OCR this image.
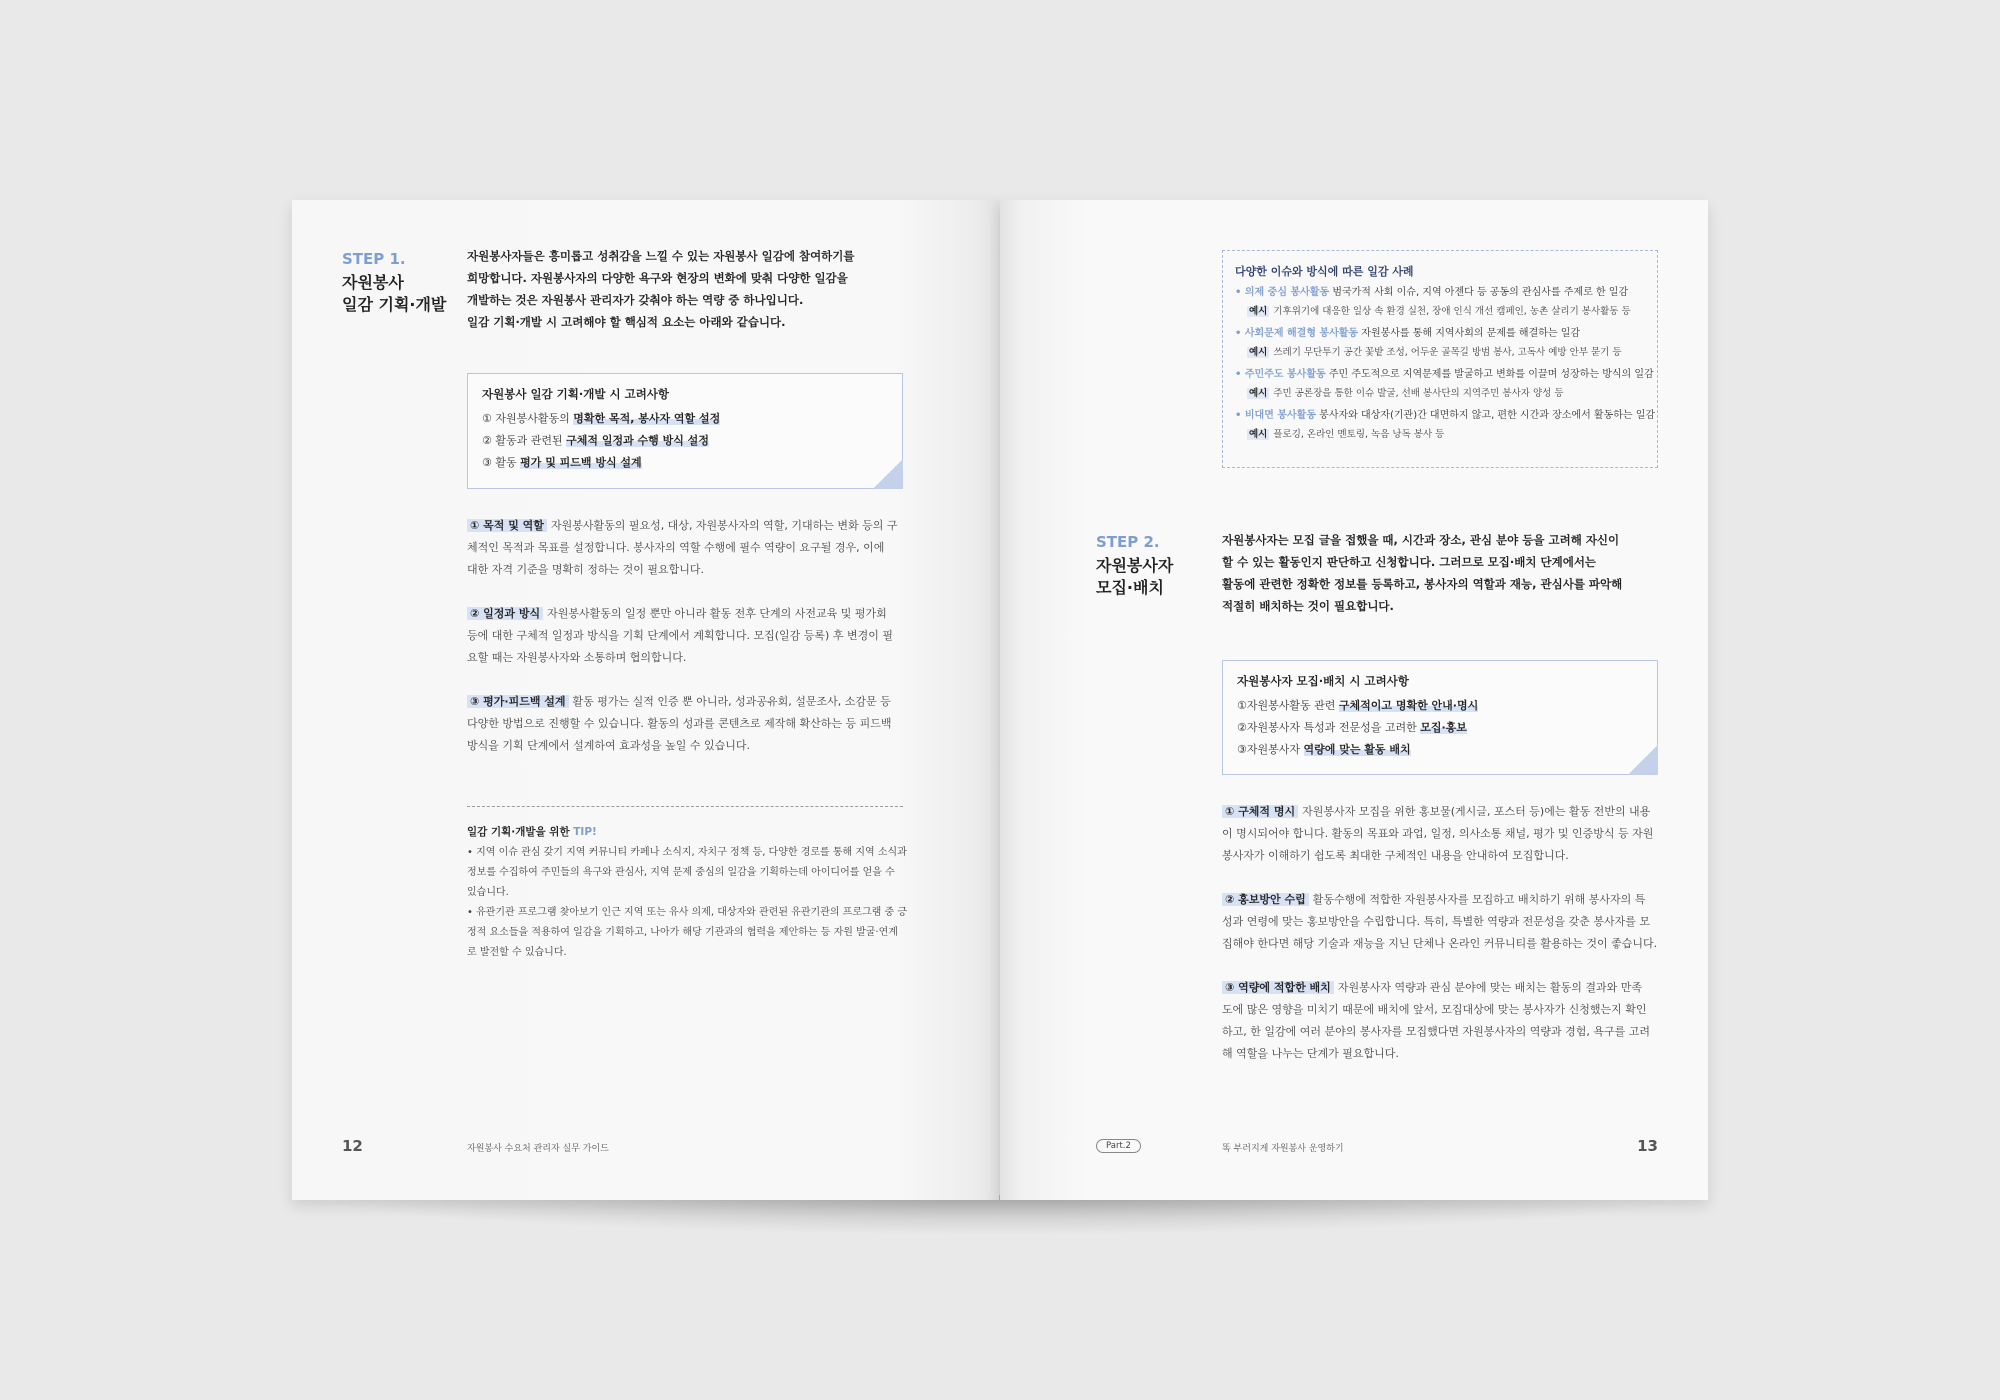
STEP 1.
자원봉사
일감 기획·개발

자원봉사자들은 흥미롭고 성취감을 느낄 수 있는 자원봉사 일감에 참여하기를

희망합니다. 자원봉사자의 다양한 욕구와 현장의 변화에 맞춰 다양한 일감을

개발하는 것은 자원봉사 관리자가 갖춰야 하는 역량 중 하나입니다.

일감 기획·개발 시 고려해야 할 핵심적 요소는 아래와 같습니다.

자원봉사 일감 기획·개발 시 고려사항
① 자원봉사활동의 명확한 목적, 봉사자 역할 설정
② 활동과 관련된 구체적 일정과 수행 방식 설정
③ 활동 평가 및 피드백 방식 설계

① 목적 및 역할 자원봉사활동의 필요성, 대상, 자원봉사자의 역할, 기대하는 변화 등의 구

체적인 목적과 목표를 설정합니다. 봉사자의 역할 수행에 필수 역량이 요구될 경우, 이에

대한 자격 기준을 명확히 정하는 것이 필요합니다.

② 일정과 방식 자원봉사활동의 일정 뿐만 아니라 활동 전후 단계의 사전교육 및 평가회

등에 대한 구체적 일정과 방식을 기획 단계에서 계획합니다. 모집(일감 등록) 후 변경이 필

요할 때는 자원봉사자와 소통하며 협의합니다.

③ 평가·피드백 설계 활동 평가는 실적 인증 뿐 아니라, 성과공유회, 설문조사, 소감문 등

다양한 방법으로 진행할 수 있습니다. 활동의 성과를 콘텐츠로 제작해 확산하는 등 피드백

방식을 기획 단계에서 설계하여 효과성을 높일 수 있습니다.

일감 기획·개발을 위한 TIP!

• 지역 이슈 관심 갖기 지역 커뮤니티 카페나 소식지, 자치구 정책 등, 다양한 경로를 통해 지역 소식과

정보를 수집하여 주민들의 욕구와 관심사, 지역 문제 중심의 일감을 기획하는데 아이디어를 얻을 수

있습니다.

• 유관기관 프로그램 찾아보기 인근 지역 또는 유사 의제, 대상자와 관련된 유관기관의 프로그램 중 긍

정적 요소들을 적용하여 일감을 기획하고, 나아가 해당 기관과의 협력을 제안하는 등 자원 발굴·연계

로 발전할 수 있습니다.

12	자원봉사 수요처 관리자 실무 가이드
다양한 이슈와 방식에 따른 일감 사례
• 의제 중심 봉사활동 범국가적 사회 이슈, 지역 아젠다 등 공동의 관심사를 주제로 한 일감
예시 기후위기에 대응한 일상 속 환경 실천, 장애 인식 개선 캠페인, 농촌 살리기 봉사활동 등
• 사회문제 해결형 봉사활동 자원봉사를 통해 지역사회의 문제를 해결하는 일감
예시 쓰레기 무단투기 공간 꽃밭 조성, 어두운 골목길 방범 봉사, 고독사 예방 안부 묻기 등
• 주민주도 봉사활동 주민 주도적으로 지역문제를 발굴하고 변화를 이끌며 성장하는 방식의 일감
예시 주민 공론장을 통한 이슈 발굴, 선배 봉사단의 지역주민 봉사자 양성 등
• 비대면 봉사활동 봉사자와 대상자(기관)간 대면하지 않고, 편한 시간과 장소에서 활동하는 일감
예시 플로깅, 온라인 멘토링, 녹음 낭독 봉사 등
STEP 2.
자원봉사자
모집·배치

자원봉사자는 모집 글을 접했을 때, 시간과 장소, 관심 분야 등을 고려해 자신이

할 수 있는 활동인지 판단하고 신청합니다. 그러므로 모집·배치 단계에서는

활동에 관련한 정확한 정보를 등록하고, 봉사자의 역할과 재능, 관심사를 파악해

적절히 배치하는 것이 필요합니다.

자원봉사자 모집·배치 시 고려사항
①자원봉사활동 관련 구체적이고 명확한 안내·명시
②자원봉사자 특성과 전문성을 고려한 모집·홍보
③자원봉사자 역량에 맞는 활동 배치

① 구체적 명시 자원봉사자 모집을 위한 홍보물(게시글, 포스터 등)에는 활동 전반의 내용

이 명시되어야 합니다. 활동의 목표와 과업, 일정, 의사소통 채널, 평가 및 인증방식 등 자원

봉사자가 이해하기 쉽도록 최대한 구체적인 내용을 안내하여 모집합니다.

② 홍보방안 수립 활동수행에 적합한 자원봉사자를 모집하고 배치하기 위해 봉사자의 특

성과 연령에 맞는 홍보방안을 수립합니다. 특히, 특별한 역량과 전문성을 갖춘 봉사자를 모

집해야 한다면 해당 기술과 재능을 지닌 단체나 온라인 커뮤니티를 활용하는 것이 좋습니다.

③ 역량에 적합한 배치 자원봉사자 역량과 관심 분야에 맞는 배치는 활동의 결과와 만족

도에 많은 영향을 미치기 때문에 배치에 앞서, 모집대상에 맞는 봉사자가 신청했는지 확인

하고, 한 일감에 여러 분야의 봉사자를 모집했다면 자원봉사자의 역량과 경험, 욕구를 고려

해 역할을 나누는 단계가 필요합니다.

Part.2	똑 부러지게 자원봉사 운영하기	13
